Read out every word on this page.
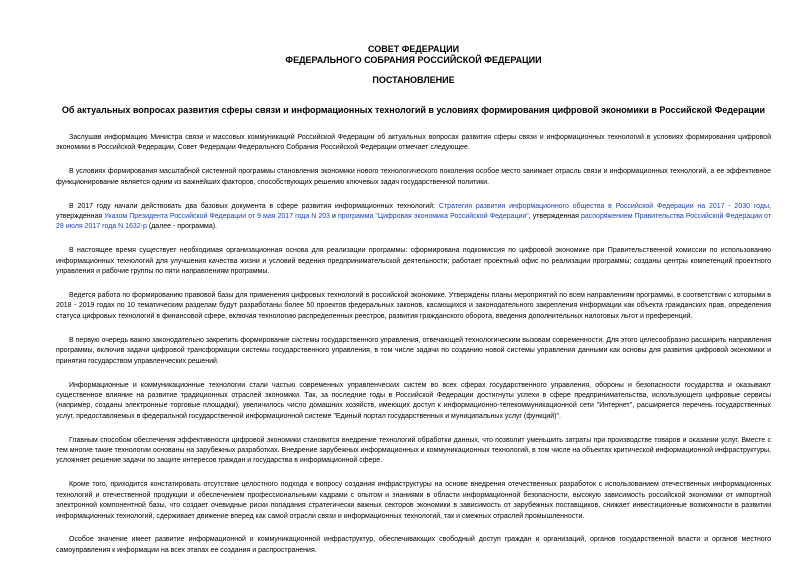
СОВЕТ ФЕДЕРАЦИИ
ФЕДЕРАЛЬНОГО СОБРАНИЯ РОССИЙСКОЙ ФЕДЕРАЦИИ
ПОСТАНОВЛЕНИЕ
Об актуальных вопросах развития сферы связи и информационных технологий в условиях формирования цифровой экономики в Российской Федерации

Заслушав информацию Министра связи и массовых коммуникаций Российской Федерации об актуальных вопросах развития сферы связи и информационных технологий в условиях формирования цифровой экономики в Российской Федерации, Совет Федерации Федерального Собрания Российской Федерации отмечает следующее.

В условиях формирования масштабной системной программы становления экономики нового технологического поколения особое место занимает отрасль связи и информационных технологий, а ее эффективное функционирование является одним из важнейших факторов, способствующих решению ключевых задач государственной политики.

В 2017 году начали действовать два базовых документа в сфере развития информационных технологий: Стратегия развития информационного общества в Российской Федерации на 2017 - 2030 годы, утвержденная Указом Президента Российской Федерации от 9 мая 2017 года N 203 и программа "Цифровая экономика Российской Федерации", утвержденная распоряжением Правительства Российской Федерации от 28 июля 2017 года N 1632-р (далее - программа).

В настоящее время существует необходимая организационная основа для реализации программы: сформирована подкомиссия по цифровой экономике при Правительственной комиссии по использованию информационных технологий для улучшения качества жизни и условий ведения предпринимательской деятельности; работает проектный офис по реализации программы; созданы центры компетенций проектного управления и рабочие группы по пяти направлениям программы.

Ведется работа по формированию правовой базы для применения цифровых технологий в российской экономике. Утверждены планы мероприятий по всем направлениям программы, в соответствии с которыми в 2018 - 2019 годах по 10 тематическим разделам будут разработаны более 50 проектов федеральных законов, касающихся и законодательного закрепления информации как объекта гражданских прав, определения статуса цифровых технологий в финансовой сфере, включая технологию распределенных реестров, развития гражданского оборота, введения дополнительных налоговых льгот и преференций.

В первую очередь важно законодательно закрепить формирование системы государственного управления, отвечающей технологическим вызовам современности. Для этого целесообразно расширить направления программы, включив задачи цифровой трансформации системы государственного управления, в том числе задачи по созданию новой системы управления данными как основы для развития цифровой экономики и принятия государством управленческих решений.

Информационные и коммуникационные технологии стали частью современных управленческих систем во всех сферах государственного управления, обороны и безопасности государства и оказывают существенное влияние на развитие традиционных отраслей экономики. Так, за последние годы в Российской Федерации достигнуты успехи в сфере предпринимательства, использующего цифровые сервисы (например, созданы электронные торговые площадки), увеличилось число домашних хозяйств, имеющих доступ к информационно-телекоммуникационной сети "Интернет", расширяется перечень государственных услуг, предоставляемых в федеральной государственной информационной системе "Единый портал государственных и муниципальных услуг (функций)".

Главным способом обеспечения эффективности цифровой экономики становится внедрение технологий обработки данных, что позволит уменьшить затраты при производстве товаров и оказании услуг. Вместе с тем многие такие технологии основаны на зарубежных разработках. Внедрение зарубежных информационных и коммуникационных технологий, в том числе на объектах критической информационной инфраструктуры, усложняет решение задачи по защите интересов граждан и государства в информационной сфере.

Кроме того, приходится констатировать отсутствие целостного подхода к вопросу создания инфраструктуры на основе внедрения отечественных разработок с использованием отечественных информационных технологий и отечественной продукции и обеспечением профессиональными кадрами с опытом и знаниями в области информационной безопасности, высокую зависимость российской экономики от импортной электронной компонентной базы, что создает очевидные риски попадания стратегически важных секторов экономики в зависимость от зарубежных поставщиков, снижает инвестиционные возможности в развитии информационных технологий, сдерживает движение вперед как самой отрасли связи и информационных технологий, так и смежных отраслей промышленности.

Особое значение имеет развитие информационной и коммуникационной инфраструктур, обеспечивающих свободный доступ граждан и организаций, органов государственной власти и органов местного самоуправления к информации на всех этапах ее создания и распространения.
